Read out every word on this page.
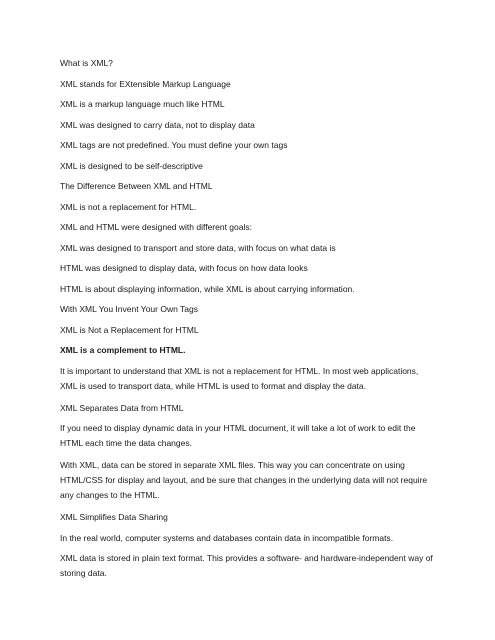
What is XML?

XML stands for EXtensible Markup Language

XML is a markup language much like HTML

XML was designed to carry data, not to display data

XML tags are not predefined. You must define your own tags

XML is designed to be self-descriptive

The Difference Between XML and HTML

XML is not a replacement for HTML.

XML and HTML were designed with different goals:

XML was designed to transport and store data, with focus on what data is

HTML was designed to display data, with focus on how data looks

HTML is about displaying information, while XML is about carrying information.

With XML You Invent Your Own Tags

XML is Not a Replacement for HTML

XML is a complement to HTML.

It is important to understand that XML is not a replacement for HTML. In most web applications, XML is used to transport data, while HTML is used to format and display the data.

XML Separates Data from HTML

If you need to display dynamic data in your HTML document, it will take a lot of work to edit the HTML each time the data changes.

With XML, data can be stored in separate XML files. This way you can concentrate on using HTML/CSS for display and layout, and be sure that changes in the underlying data will not require any changes to the HTML.

XML Simplifies Data Sharing

In the real world, computer systems and databases contain data in incompatible formats.

XML data is stored in plain text format. This provides a software- and hardware-independent way of storing data.
